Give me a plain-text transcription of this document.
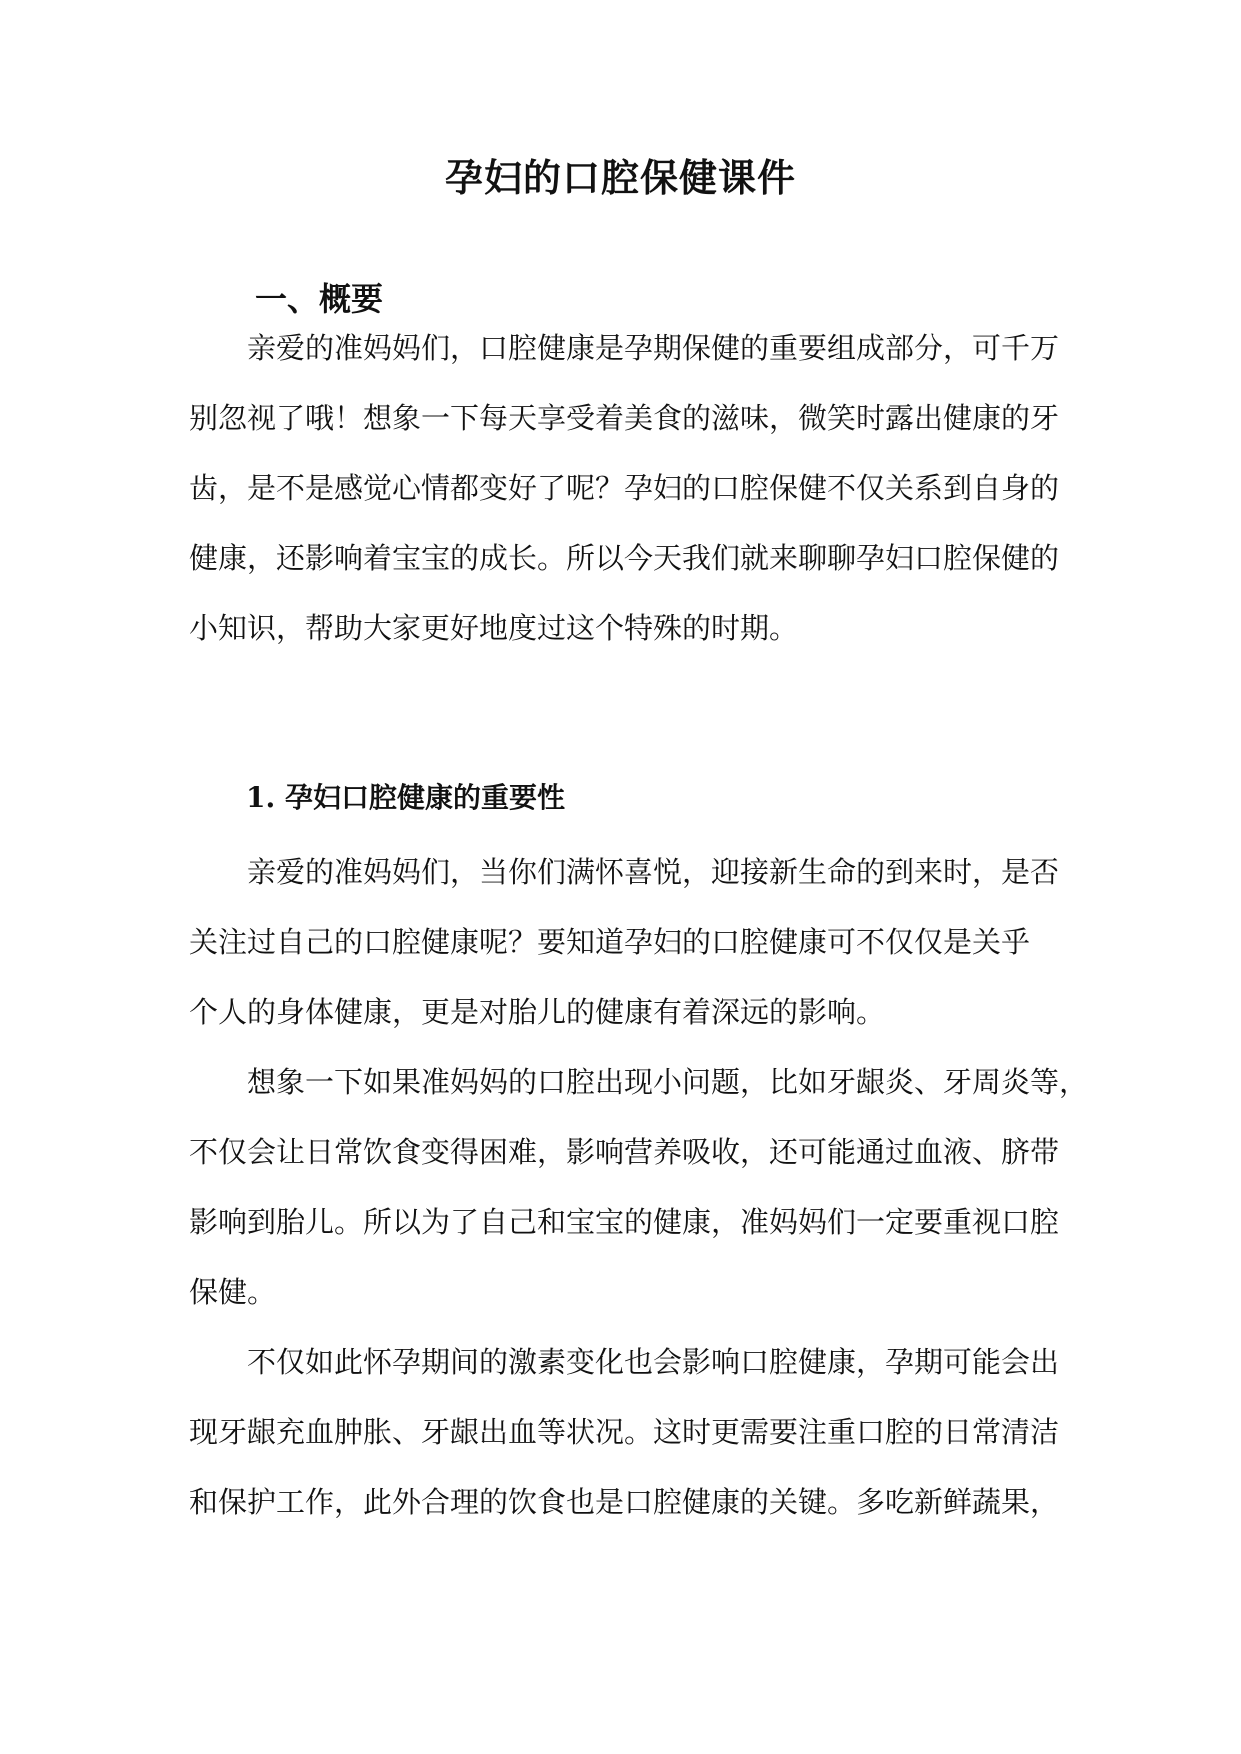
孕妇的口腔保健课件
一、概要
亲爱的准妈妈们，口腔健康是孕期保健的重要组成部分，可千万
别忽视了哦！想象一下每天享受着美食的滋味，微笑时露出健康的牙
齿，是不是感觉心情都变好了呢？孕妇的口腔保健不仅关系到自身的
健康，还影响着宝宝的成长。所以今天我们就来聊聊孕妇口腔保健的
小知识，帮助大家更好地度过这个特殊的时期。
1. 孕妇口腔健康的重要性
亲爱的准妈妈们，当你们满怀喜悦，迎接新生命的到来时，是否
关注过自己的口腔健康呢？要知道孕妇的口腔健康可不仅仅是关乎
个人的身体健康，更是对胎儿的健康有着深远的影响。
想象一下如果准妈妈的口腔出现小问题，比如牙龈炎、牙周炎等，
不仅会让日常饮食变得困难，影响营养吸收，还可能通过血液、脐带
影响到胎儿。所以为了自己和宝宝的健康，准妈妈们一定要重视口腔
保健。
不仅如此怀孕期间的激素变化也会影响口腔健康，孕期可能会出
现牙龈充血肿胀、牙龈出血等状况。这时更需要注重口腔的日常清洁
和保护工作，此外合理的饮食也是口腔健康的关键。多吃新鲜蔬果，
